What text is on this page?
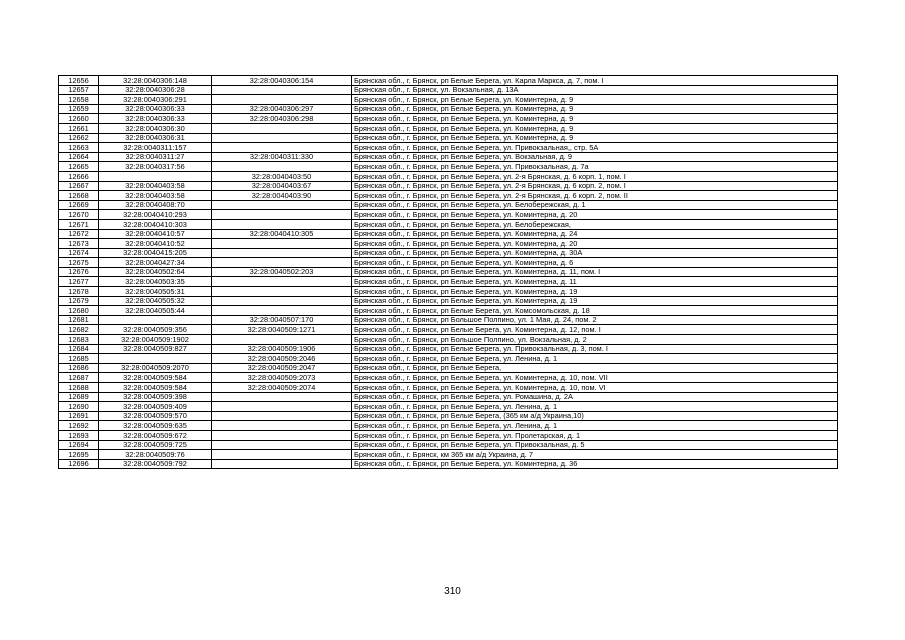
12656	32:28:0040306:148	32:28:0040306:154	Брянская обл., г. Брянск, рп Белые Берега, ул. Карла Маркса, д. 7, пом. I
12657	32:28:0040306:28		Брянская обл., г. Брянск, ул. Вокзальная, д. 13А
12658	32:28:0040306:291		Брянская обл., г. Брянск, рп Белые Берега, ул. Коминтерна, д. 9
12659	32:28:0040306:33	32:28:0040306:297	Брянская обл., г. Брянск, рп Белые Берега, ул. Коминтерна, д. 9
12660	32:28:0040306:33	32:28:0040306:298	Брянская обл., г. Брянск, рп Белые Берега, ул. Коминтерна, д. 9
12661	32:28:0040306:30		Брянская обл., г. Брянск, рп Белые Берега, ул. Коминтерна, д. 9
12662	32:28:0040306:31		Брянская обл., г. Брянск, рп Белые Берега, ул. Коминтерна, д. 9
12663	32:28:0040311:157		Брянская обл., г. Брянск, рп Белые Берега, ул. Привокзальная,, стр. 5А
12664	32:28:0040311:27	32:28:0040311:330	Брянская обл., г. Брянск, рп Белые Берега, ул. Вокзальная, д. 9
12665	32:28:0040317:56		Брянская обл., г. Брянск, рп Белые Берега, ул. Привокзальная, д. 7а
12666		32:28:0040403:50	Брянская обл., г. Брянск, рп Белые Берега, ул. 2-я Брянская, д. 6 корп. 1, пом. I
12667	32:28:0040403:58	32:28:0040403:67	Брянская обл., г. Брянск, рп Белые Берега, ул. 2-я Брянская, д. 6 корп. 2, пом. I
12668	32:28:0040403:58	32:28:0040403:90	Брянская обл., г. Брянск, рп Белые Берега, ул. 2-я Брянская, д. 6 корп. 2, пом. II
12669	32:28:0040408:70		Брянская обл., г. Брянск, рп Белые Берега, ул. Белобережская, д. 1
12670	32:28:0040410:293		Брянская обл., г. Брянск, рп Белые Берега, ул. Коминтерна, д. 20
12671	32:28:0040410:303		Брянская обл., г. Брянск, рп Белые Берега, ул. Белобережская,
12672	32:28:0040410:57	32:28:0040410:305	Брянская обл., г. Брянск, рп Белые Берега, ул. Коминтерна, д. 24
12673	32:28:0040410:52		Брянская обл., г. Брянск, рп Белые Берега, ул. Коминтерна, д. 20
12674	32:28:0040415:205		Брянская обл., г. Брянск, рп Белые Берега, ул. Коминтерна, д. 30А
12675	32:28:0040427:34		Брянская обл., г. Брянск, рп Белые Берега, ул. Коминтерна, д. 6
12676	32:28:0040502:64	32:28:0040502:203	Брянская обл., г. Брянск, рп Белые Берега, ул. Коминтерна, д. 11, пом. I
12677	32:28:0040503:35		Брянская обл., г. Брянск, рп Белые Берега, ул. Коминтерна, д. 11
12678	32:28:0040505:31		Брянская обл., г. Брянск, рп Белые Берега, ул. Коминтерна, д. 19
12679	32:28:0040505:32		Брянская обл., г. Брянск, рп Белые Берега, ул. Коминтерна, д. 19
12680	32:28:0040505:44		Брянская обл., г. Брянск, рп Белые Берега, ул. Комсомольская, д. 18
12681		32:28:0040507:170	Брянская обл., г. Брянск, рп Большое Полпино, ул. 1 Мая, д. 24, пом. 2
12682	32:28:0040509:356	32:28:0040509:1271	Брянская обл., г. Брянск, рп Белые Берега, ул. Коминтерна, д. 12, пом. I
12683	32:28:0040509:1902		Брянская обл., г. Брянск, рп Большое Полпино, ул. Вокзальная, д. 2
12684	32:28:0040509:827	32:28:0040509:1906	Брянская обл., г. Брянск, рп Белые Берега, ул. Привокзальная, д. 3, пом. I
12685		32:28:0040509:2046	Брянская обл., г. Брянск, рп Белые Берега, ул. Ленина, д. 1
12686	32:28:0040509:2070	32:28:0040509:2047	Брянская обл., г. Брянск, рп Белые Берега,
12687	32:28:0040509:584	32:28:0040509:2073	Брянская обл., г. Брянск, рп Белые Берега, ул. Коминтерна, д. 10, пом. VII
12688	32:28:0040509:584	32:28:0040509:2074	Брянская обл., г. Брянск, рп Белые Берега, ул. Коминтерна, д. 10, пом. VI
12689	32:28:0040509:398		Брянская обл., г. Брянск, рп Белые Берега, ул. Ромашина, д. 2А
12690	32:28:0040509:409		Брянская обл., г. Брянск, рп Белые Берега, ул. Ленина, д. 1
12691	32:28:0040509:570		Брянская обл., г. Брянск, рп Белые Берега, (365 км а/д Украина,10)
12692	32:28:0040509:635		Брянская обл., г. Брянск, рп Белые Берега, ул. Ленина, д. 1
12693	32:28:0040509:672		Брянская обл., г. Брянск, рп Белые Берега, ул. Пролетарская, д. 1
12694	32:28:0040509:725		Брянская обл., г. Брянск, рп Белые Берега, ул. Привокзальная, д. 5
12695	32:28:0040509:76		Брянская обл., г. Брянск, км 365 км а/д Украина, д. 7
12696	32:28:0040509:792		Брянская обл., г. Брянск, рп Белые Берега, ул. Коминтерна, д. 36
310
